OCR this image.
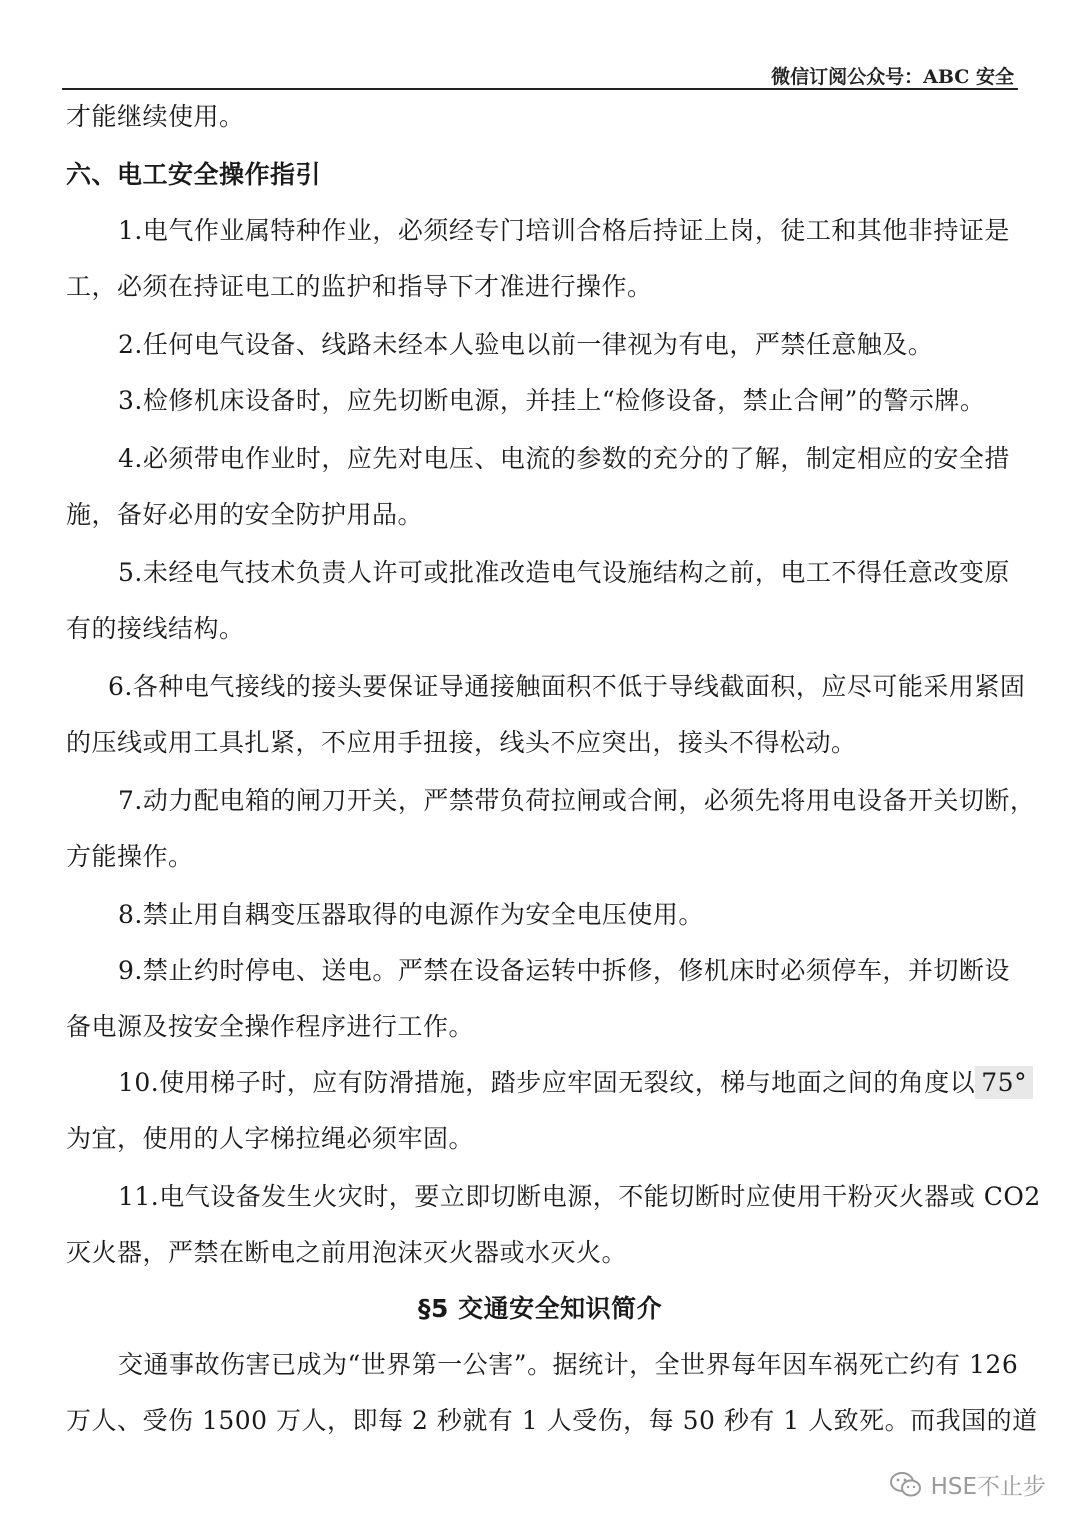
微信订阅公众号：ABC 安全
才能继续使用。
六、电工安全操作指引
1.电气作业属特种作业，必须经专门培训合格后持证上岗，徒工和其他非持证是
工，必须在持证电工的监护和指导下才准进行操作。
2.任何电气设备、线路未经本人验电以前一律视为有电，严禁任意触及。
3.检修机床设备时，应先切断电源，并挂上“检修设备，禁止合闸”的警示牌。
4.必须带电作业时，应先对电压、电流的参数的充分的了解，制定相应的安全措
施，备好必用的安全防护用品。
5.未经电气技术负责人许可或批准改造电气设施结构之前，电工不得任意改变原
有的接线结构。
6.各种电气接线的接头要保证导通接触面积不低于导线截面积，应尽可能采用紧固
的压线或用工具扎紧，不应用手扭接，线头不应突出，接头不得松动。
7.动力配电箱的闸刀开关，严禁带负荷拉闸或合闸，必须先将用电设备开关切断，
方能操作。
8.禁止用自耦变压器取得的电源作为安全电压使用。
9.禁止约时停电、送电。严禁在设备运转中拆修，修机床时必须停车，并切断设
备电源及按安全操作程序进行工作。
10.使用梯子时，应有防滑措施，踏步应牢固无裂纹，梯与地面之间的角度以 75°
为宜，使用的人字梯拉绳必须牢固。
11.电气设备发生火灾时，要立即切断电源，不能切断时应使用干粉灭火器或 CO2
灭火器，严禁在断电之前用泡沫灭火器或水灭火。
§5 交通安全知识简介
交通事故伤害已成为“世界第一公害”。据统计，全世界每年因车祸死亡约有 126
万人、受伤 1500 万人，即每 2 秒就有 1 人受伤，每 50 秒有 1 人致死。而我国的道
HSE不止步
